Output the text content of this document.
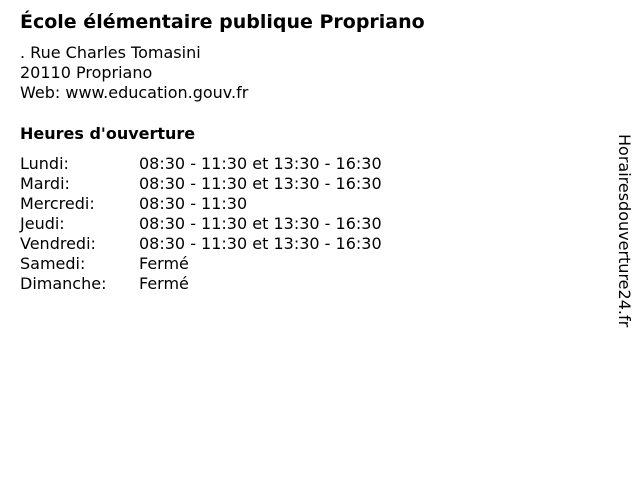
École élémentaire publique Propriano
. Rue Charles Tomasini
20110 Propriano
Web: www.education.gouv.fr
Heures d'ouverture
Lundi:	08:30 - 11:30 et 13:30 - 16:30
Mardi:	08:30 - 11:30 et 13:30 - 16:30
Mercredi:	08:30 - 11:30
Jeudi:	08:30 - 11:30 et 13:30 - 16:30
Vendredi:	08:30 - 11:30 et 13:30 - 16:30
Samedi:	Fermé
Dimanche:	Fermé	Horairesdouverture24.fr
